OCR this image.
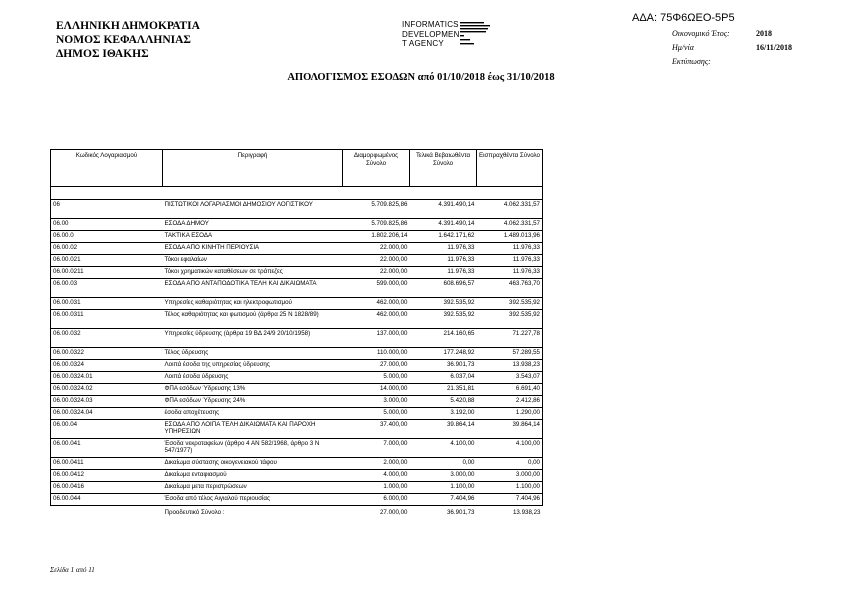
ΑΔΑ: 75Φ6ΩΕΟ-5Ρ5
ΕΛΛΗΝΙΚΗ ΔΗΜΟΚΡΑΤΙΑ
ΝΟΜΟΣ ΚΕΦΑΛΛΗΝΙΑΣ
ΔΗΜΟΣ ΙΘΑΚΗΣ
INFORMATICS
DEVELOPMEN
T AGENCY
Οικονομικό Έτος:	2018
Ημ/νία	16/11/2018
Εκτύπωσης:
ΑΠΟΛΟΓΙΣΜΟΣ ΕΣΟΔΩΝ από 01/10/2018 έως 31/10/2018
Κωδικός Λογαριασμού	Περιγραφή	Διαμορφωμένος Σύνολο	Τελικά Βεβαιωθέντα Σύνολο	Εισπραχθέντα Σύνολο

06	ΠΙΣΤΩΤΙΚΟΙ ΛΟΓΑΡΙΑΣΜΟΙ ΔΗΜΟΣΙΟΥ ΛΟΓΙΣΤΙΚΟΥ	5.709.825,86	4.391.490,14	4.062.331,57
06.00	ΕΣΟΔΑ ΔΗΜΟΥ	5.709.825,86	4.391.490,14	4.062.331,57
06.00.0	ΤΑΚΤΙΚΑ ΕΣΟΔΑ	1.802.206,14	1.642.171,62	1.489.013,96
06.00.02	ΕΣΟΔΑ ΑΠΟ ΚΙΝΗΤΗ ΠΕΡΙΟΥΣΙΑ	22.000,00	11.976,33	11.976,33
06.00.021	Τόκοι εφαλαίων	22.000,00	11.976,33	11.976,33
06.00.0211	Τόκοι χρηματικών καταθέσεων σε τράπεζες	22.000,00	11.976,33	11.976,33
06.00.03	ΕΣΟΔΑ ΑΠΟ ΑΝΤΑΠΟΔΟΤΙΚΑ ΤΕΛΗ ΚΑΙ ΔΙΚΑΙΩΜΑΤΑ	599.000,00	608.696,57	463.763,70
06.00.031	Υπηρεσίες καθαριότητας και ηλεκτροφωτισμού	462.000,00	392.535,92	392.535,92
06.00.0311	Τέλος καθαριότητας και φωτισμού (άρθρα 25 Ν 1828/89)	462.000,00	392.535,92	392.535,92
06.00.032	Υπηρεσίες ύδρευσης (άρθρα 19 ΒΔ 24/9 20/10/1958)	137.000,00	214.160,65	71.227,78
06.00.0322	Τέλος ύδρευσης	110.000,00	177.248,92	57.289,55
06.00.0324	Λοιπά έσοδα της υπηρεσίας ύδρευσης	27.000,00	36.901,73	13.938,23
06.00.0324.01	Λοιπά έσοδα ύδρευσης	5.000,00	6.037,04	3.543,07
06.00.0324.02	ΦΠΑ εσόδων Ύδρευσης 13%	14.000,00	21.351,81	6.691,40
06.00.0324.03	ΦΠΑ εσόδων Ύδρευσης 24%	3.000,00	5.420,88	2.412,86
06.00.0324.04	έσοδα αποχέτευσης	5.000,00	3.192,00	1.290,00
06.00.04	ΕΣΟΔΑ ΑΠΟ ΛΟΙΠΑ ΤΕΛΗ ΔΙΚΑΙΩΜΑΤΑ ΚΑΙ ΠΑΡΟΧΗ ΥΠΗΡΕΣΙΩΝ	37.400,00	39.864,14	39.864,14
06.00.041	Έσοδα νεκροταφείων (άρθρο 4 ΑΝ 582/1968, άρθρο 3 Ν 547/1977)	7.000,00	4.100,00	4.100,00
06.00.0411	Δικαίωμα σύστασης οικογενειακού τάφου	2.000,00	0,00	0,00
06.00.0412	Δικαίωμα ενταφιασμού	4.000,00	3.000,00	3.000,00
06.00.0416	Δικαίωμα μετα περιστρώσεων	1.000,00	1.100,00	1.100,00
06.00.044	Έσοδα από τέλος Αιγιαλού περιουσίας	6.000,00	7.404,96	7.404,96
	Προοδευτικό Σύνολο :	27.000,00	36.901,73	13.938,23
Σελίδα 1 από 11
